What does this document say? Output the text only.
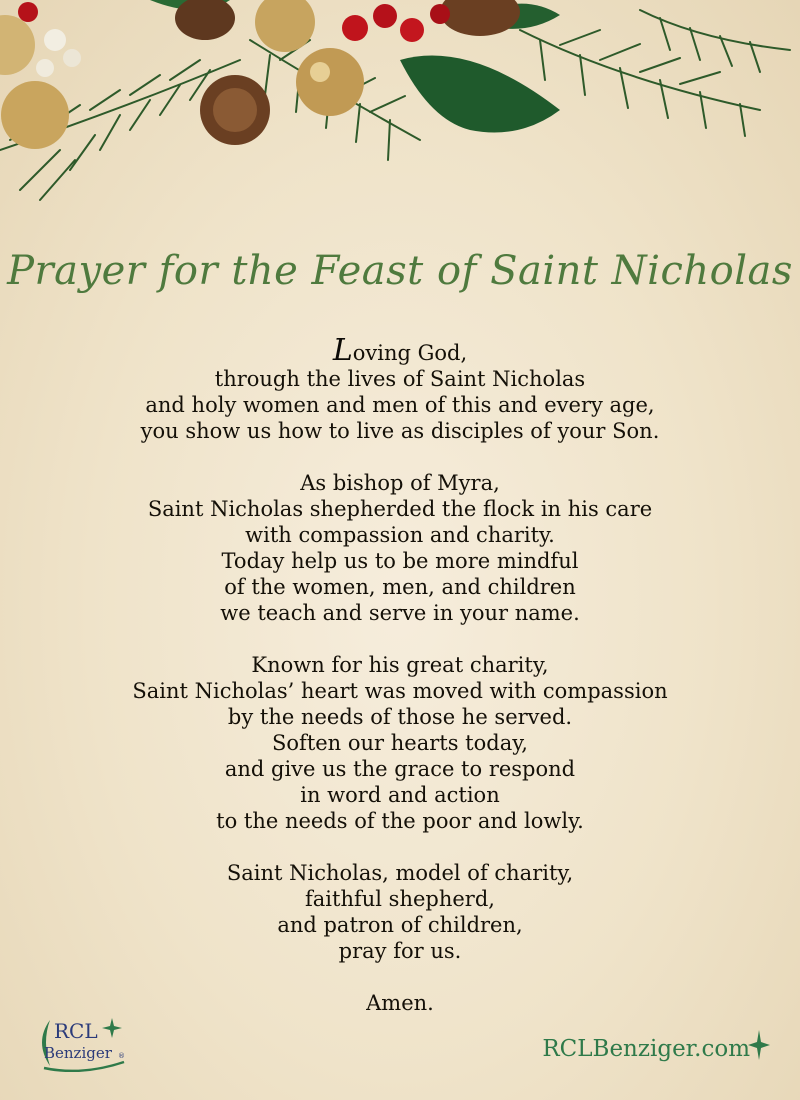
Prayer for the Feast of Saint Nicholas
Loving God,
through the lives of Saint Nicholas
and holy women and men of this and every age,
you show us how to live as disciples of your Son.
As bishop of Myra,
Saint Nicholas shepherded the flock in his care
with compassion and charity.
Today help us to be more mindful
of the women, men, and children
we teach and serve in your name.
Known for his great charity,
Saint Nicholas’ heart was moved with compassion
by the needs of those he served.
Soften our hearts today,
and give us the grace to respond
in word and action
to the needs of the poor and lowly.
Saint Nicholas, model of charity,
faithful shepherd,
and patron of children,
pray for us.
Amen.
RCL
Benziger ®	RCLBenziger.com
